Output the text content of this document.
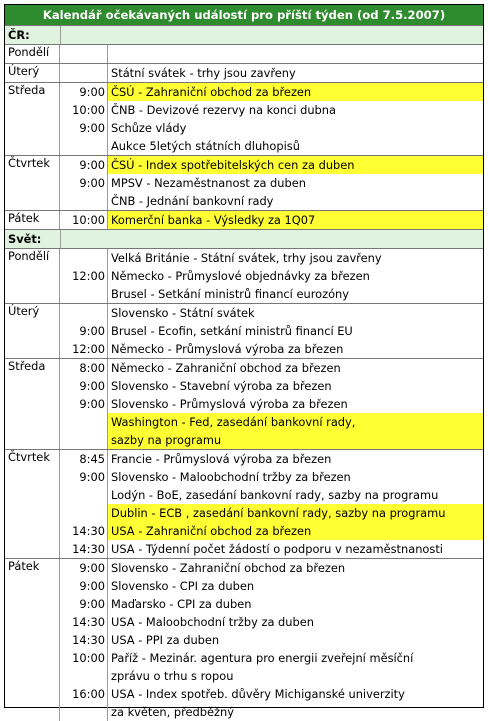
Kalendář očekávaných událostí pro příští týden (od 7.5.2007)
ČR:
Pondělí
Úterý	Státní svátek - trhy jsou zavřeny
Středa	9:00 ČSÚ - Zahraniční obchod za březen
10:00 ČNB - Devizové rezervy na konci dubna
9:00 Schůze vlády
Aukce 5letých státních dluhopisů
Čtvrtek	9:00 ČSÚ - Index spotřebitelských cen za duben
9:00 MPSV - Nezaměstnanost za duben
ČNB - Jednání bankovní rady
Pátek	10:00 Komerční banka - Výsledky za 1Q07
Svět:
Pondělí	Velká Británie - Státní svátek, trhy jsou zavřeny
12:00 Německo - Průmyslové objednávky za březen
Brusel - Setkání ministrů financí eurozóny
Úterý	Slovensko - Státní svátek
9:00 Brusel - Ecofin, setkání ministrů financí EU
12:00 Německo - Průmyslová výroba za březen
Středa	8:00 Německo - Zahraniční obchod za březen
9:00 Slovensko - Stavební výroba za březen
9:00 Slovensko - Průmyslová výroba za březen
Washington - Fed, zasedání bankovní rady,
sazby na programu
Čtvrtek	8:45 Francie - Průmyslová výroba za březen
9:00 Slovensko - Maloobchodní tržby za březen
Lodýn - BoE, zasedání bankovní rady, sazby na programu
Dublin - ECB , zasedání bankovní rady, sazby na programu
14:30 USA - Zahraniční obchod za březen
14:30 USA - Týdenní počet žádostí o podporu v nezaměstnanosti
Pátek	9:00 Slovensko - Zahraniční obchod za březen
9:00 Slovensko - CPI za duben
9:00 Maďarsko - CPI za duben
14:30 USA - Maloobchodní tržby za duben
14:30 USA - PPI za duben
10:00 Paříž - Mezinár. agentura pro energii zveřejní měsíční
zprávu o trhu s ropou
16:00 USA - Index spotřeb. důvěry Michiganské univerzity
za květen, předběžný
